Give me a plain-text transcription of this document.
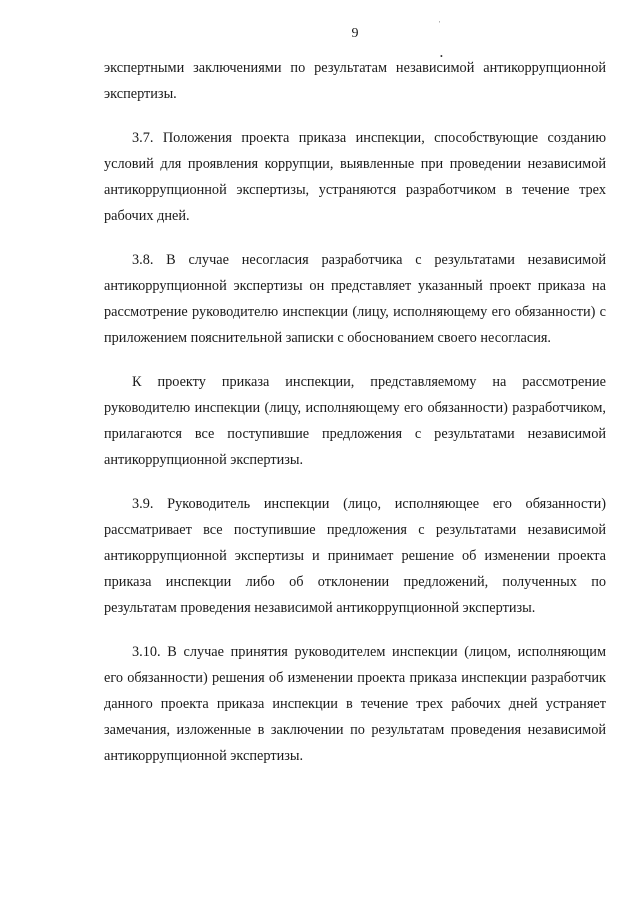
9
ˈ
•

экспертными заключениями по результатам независимой антикоррупционной экспертизы.

3.7. Положения проекта приказа инспекции, способствующие созданию условий для проявления коррупции, выявленные при проведении независимой антикоррупционной экспертизы, устраняются разработчиком в течение трех рабочих дней.

3.8. В случае несогласия разработчика с результатами независимой антикоррупционной экспертизы он представляет указанный проект приказа на рассмотрение руководителю инспекции (лицу, исполняющему его обязанности) с приложением пояснительной записки с обоснованием своего несогласия.

К проекту приказа инспекции, представляемому на рассмотрение руководителю инспекции (лицу, исполняющему его обязанности) разработчиком, прилагаются все поступившие предложения с результатами независимой антикоррупционной экспертизы.

3.9. Руководитель инспекции (лицо, исполняющее его обязанности) рассматривает все поступившие предложения с результатами независимой антикоррупционной экспертизы и принимает решение об изменении проекта приказа инспекции либо об отклонении предложений, полученных по результатам проведения независимой антикоррупционной экспертизы.

3.10. В случае принятия руководителем инспекции (лицом, исполняющим его обязанности) решения об изменении проекта приказа инспекции разработчик данного проекта приказа инспекции в течение трех рабочих дней устраняет замечания, изложенные в заключении по результатам проведения независимой антикоррупционной экспертизы.
